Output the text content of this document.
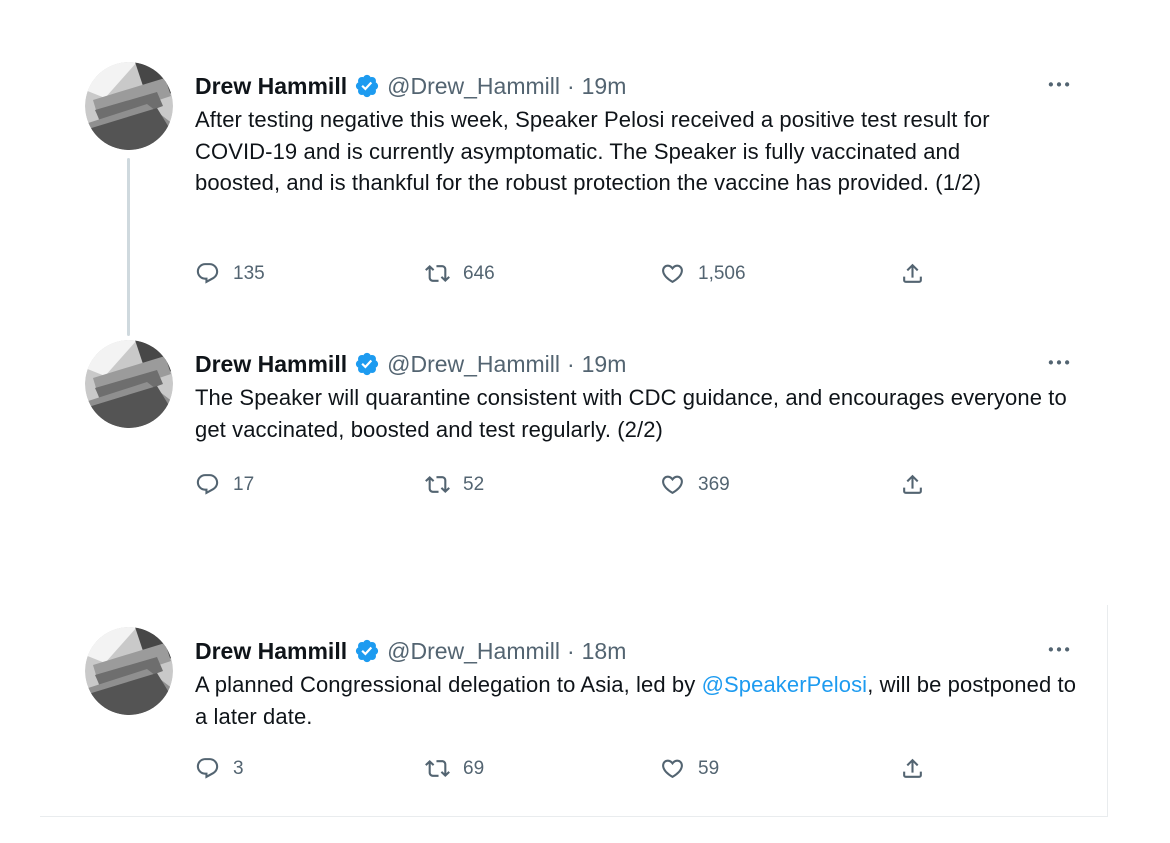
Drew Hammill @Drew_Hammill · 19m
After testing negative this week, Speaker Pelosi received a positive test result for COVID-19 and is currently asymptomatic. The Speaker is fully vaccinated and boosted, and is thankful for the robust protection the vaccine has provided. (1/2)
135	646	1,506
Drew Hammill @Drew_Hammill · 19m
The Speaker will quarantine consistent with CDC guidance, and encourages everyone to get vaccinated, boosted and test regularly. (2/2)
17	52	369
Drew Hammill @Drew_Hammill · 18m
A planned Congressional delegation to Asia, led by @SpeakerPelosi, will be postponed to a later date.
3	69	59
